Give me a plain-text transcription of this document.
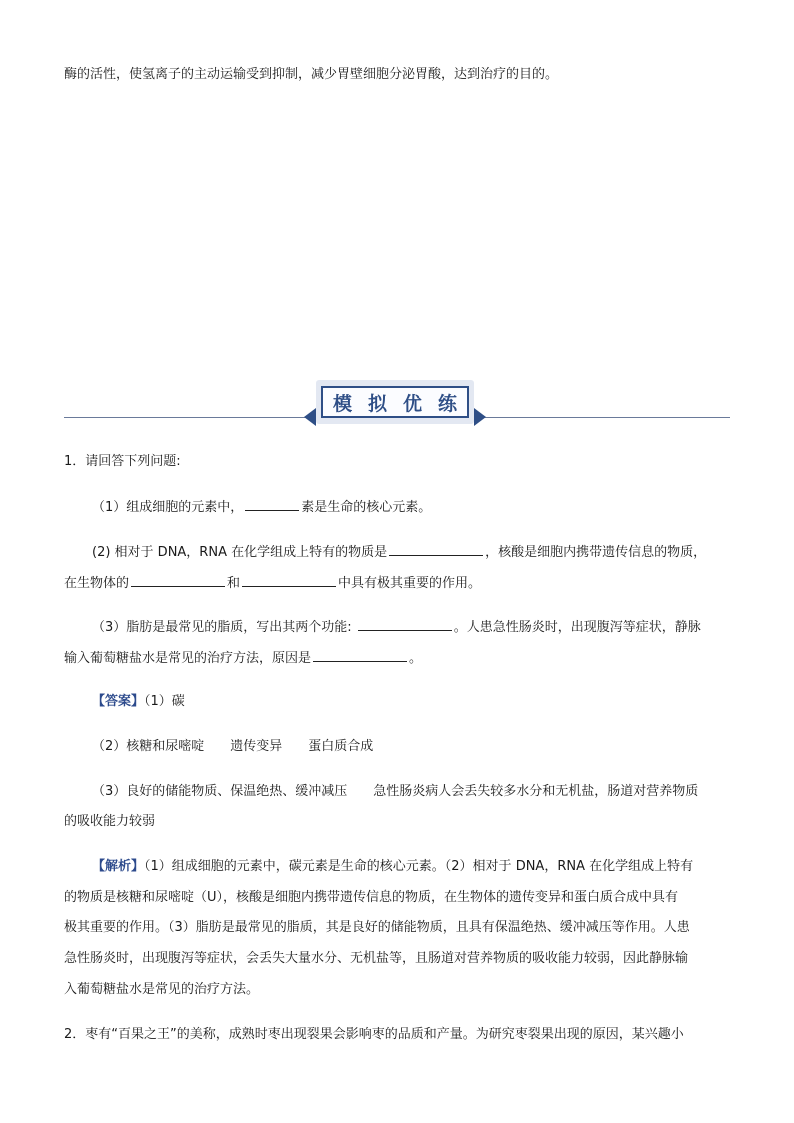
酶的活性，使氢离子的主动运输受到抑制，减少胃壁细胞分泌胃酸，达到治疗的目的。
模 拟 优 练
1．请回答下列问题:
（1）组成细胞的元素中，	素是生命的核心元素。
(2) 相对于 DNA，RNA 在化学组成上特有的物质是	，核酸是细胞内携带遗传信息的物质，
在生物体的	和	中具有极其重要的作用。
（3）脂肪是最常见的脂质，写出其两个功能:	。人患急性肠炎时，出现腹泻等症状，静脉
输入葡萄糖盐水是常见的治疗方法，原因是	。
【答案】（1）碳
（2）核糖和尿嘧啶 遗传变异 蛋白质合成
（3）良好的储能物质、保温绝热、缓冲减压 急性肠炎病人会丢失较多水分和无机盐，肠道对营养物质
的吸收能力较弱
【解析】（1）组成细胞的元素中，碳元素是生命的核心元素。（2）相对于 DNA，RNA 在化学组成上特有
的物质是核糖和尿嘧啶（U），核酸是细胞内携带遗传信息的物质，在生物体的遗传变异和蛋白质合成中具有
极其重要的作用。（3）脂肪是最常见的脂质，其是良好的储能物质，且具有保温绝热、缓冲减压等作用。人患
急性肠炎时，出现腹泻等症状，会丢失大量水分、无机盐等，且肠道对营养物质的吸收能力较弱，因此静脉输
入葡萄糖盐水是常见的治疗方法。
2．枣有“百果之王”的美称，成熟时枣出现裂果会影响枣的品质和产量。为研究枣裂果出现的原因，某兴趣小
